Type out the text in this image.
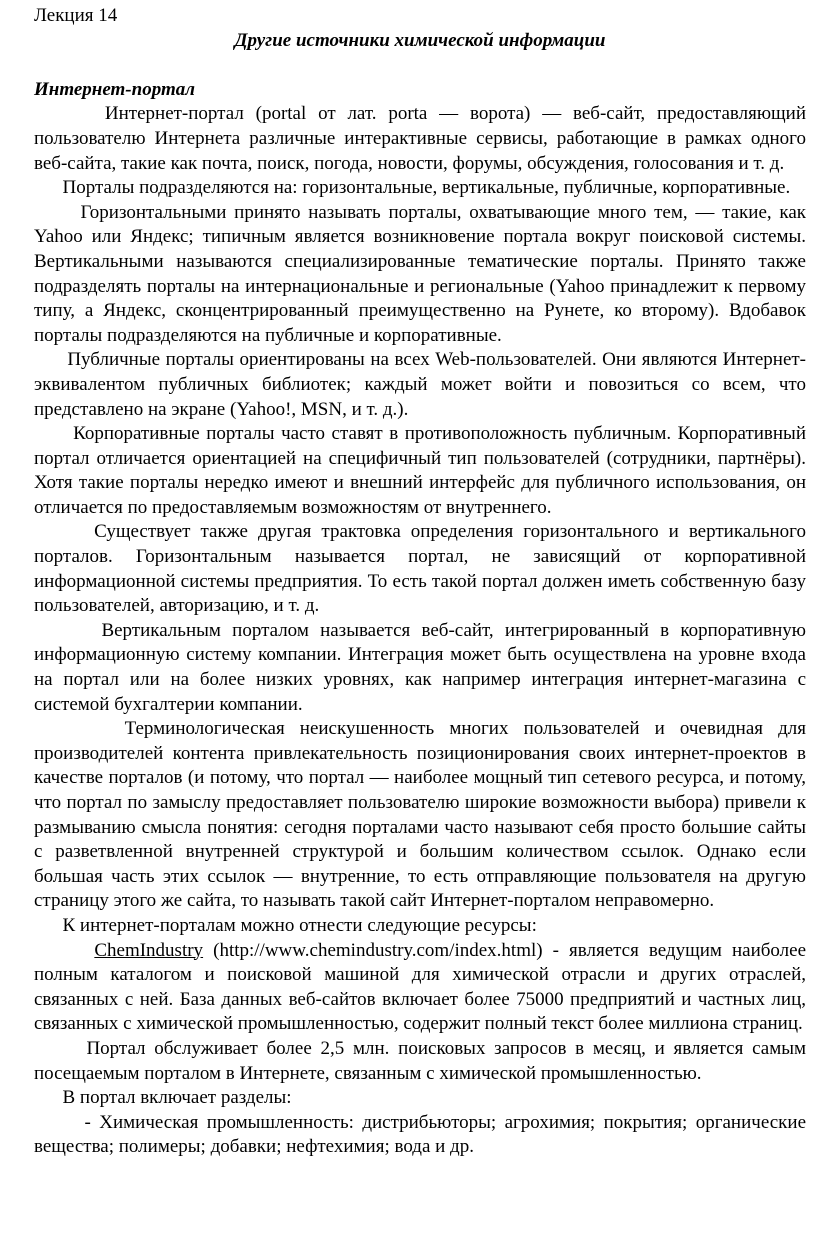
Лекция 14

Другие источники химической информации

Интернет-портал

Интернет-портал (portal от лат. porta — ворота) — веб-сайт, предоставляющий пользователю Интернета различные интерактивные сервисы, работающие в рамках одного веб-сайта, такие как почта, поиск, погода, новости, форумы, обсуждения, голосования и т. д.

Порталы подразделяются на: горизонтальные, вертикальные, публичные, корпоративные.

Горизонтальными принято называть порталы, охватывающие много тем, — такие, как Yahoo или Яндекс; типичным является возникновение портала вокруг поисковой системы. Вертикальными называются специализированные тематические порталы. Принято также подразделять порталы на интернациональные и региональные (Yahoo принадлежит к первому типу, а Яндекс, сконцентрированный преимущественно на Рунете, ко второму). Вдобавок порталы подразделяются на публичные и корпоративные.

Публичные порталы ориентированы на всех Web-пользователей. Они являются Интернет-эквивалентом публичных библиотек; каждый может войти и повозиться со всем, что представлено на экране (Yahoo!, MSN, и т. д.).

Корпоративные порталы часто ставят в противоположность публичным. Корпоративный портал отличается ориентацией на специфичный тип пользователей (сотрудники, партнёры). Хотя такие порталы нередко имеют и внешний интерфейс для публичного использования, он отличается по предоставляемым возможностям от внутреннего.

Существует также другая трактовка определения горизонтального и вертикального порталов. Горизонтальным называется портал, не зависящий от корпоративной информационной системы предприятия. То есть такой портал должен иметь собственную базу пользователей, авторизацию, и т. д.

Вертикальным порталом называется веб-сайт, интегрированный в корпоративную информационную систему компании. Интеграция может быть осуществлена на уровне входа на портал или на более низких уровнях, как например интеграция интернет-магазина с системой бухгалтерии компании.

Терминологическая неискушенность многих пользователей и очевидная для производителей контента привлекательность позиционирования своих интернет-проектов в качестве порталов (и потому, что портал — наиболее мощный тип сетевого ресурса, и потому, что портал по замыслу предоставляет пользователю широкие возможности выбора) привели к размыванию смысла понятия: сегодня порталами часто называют себя просто большие сайты с разветвленной внутренней структурой и большим количеством ссылок. Однако если большая часть этих ссылок — внутренние, то есть отправляющие пользователя на другую страницу этого же сайта, то называть такой сайт Интернет-порталом неправомерно.

К интернет-порталам можно отнести следующие ресурсы:

ChemIndustry (http://www.chemindustry.com/index.html) - является ведущим наиболее полным каталогом и поисковой машиной для химической отрасли и других отраслей, связанных с ней. База данных веб-сайтов включает более 75000 предприятий и частных лиц, связанных с химической промышленностью, содержит полный текст более миллиона страниц.

Портал обслуживает более 2,5 млн. поисковых запросов в месяц, и является самым посещаемым порталом в Интернете, связанным с химической промышленностью.

В портал включает разделы:

- Химическая промышленность: дистрибьюторы; агрохимия; покрытия; органические вещества; полимеры; добавки; нефтехимия; вода и др.
